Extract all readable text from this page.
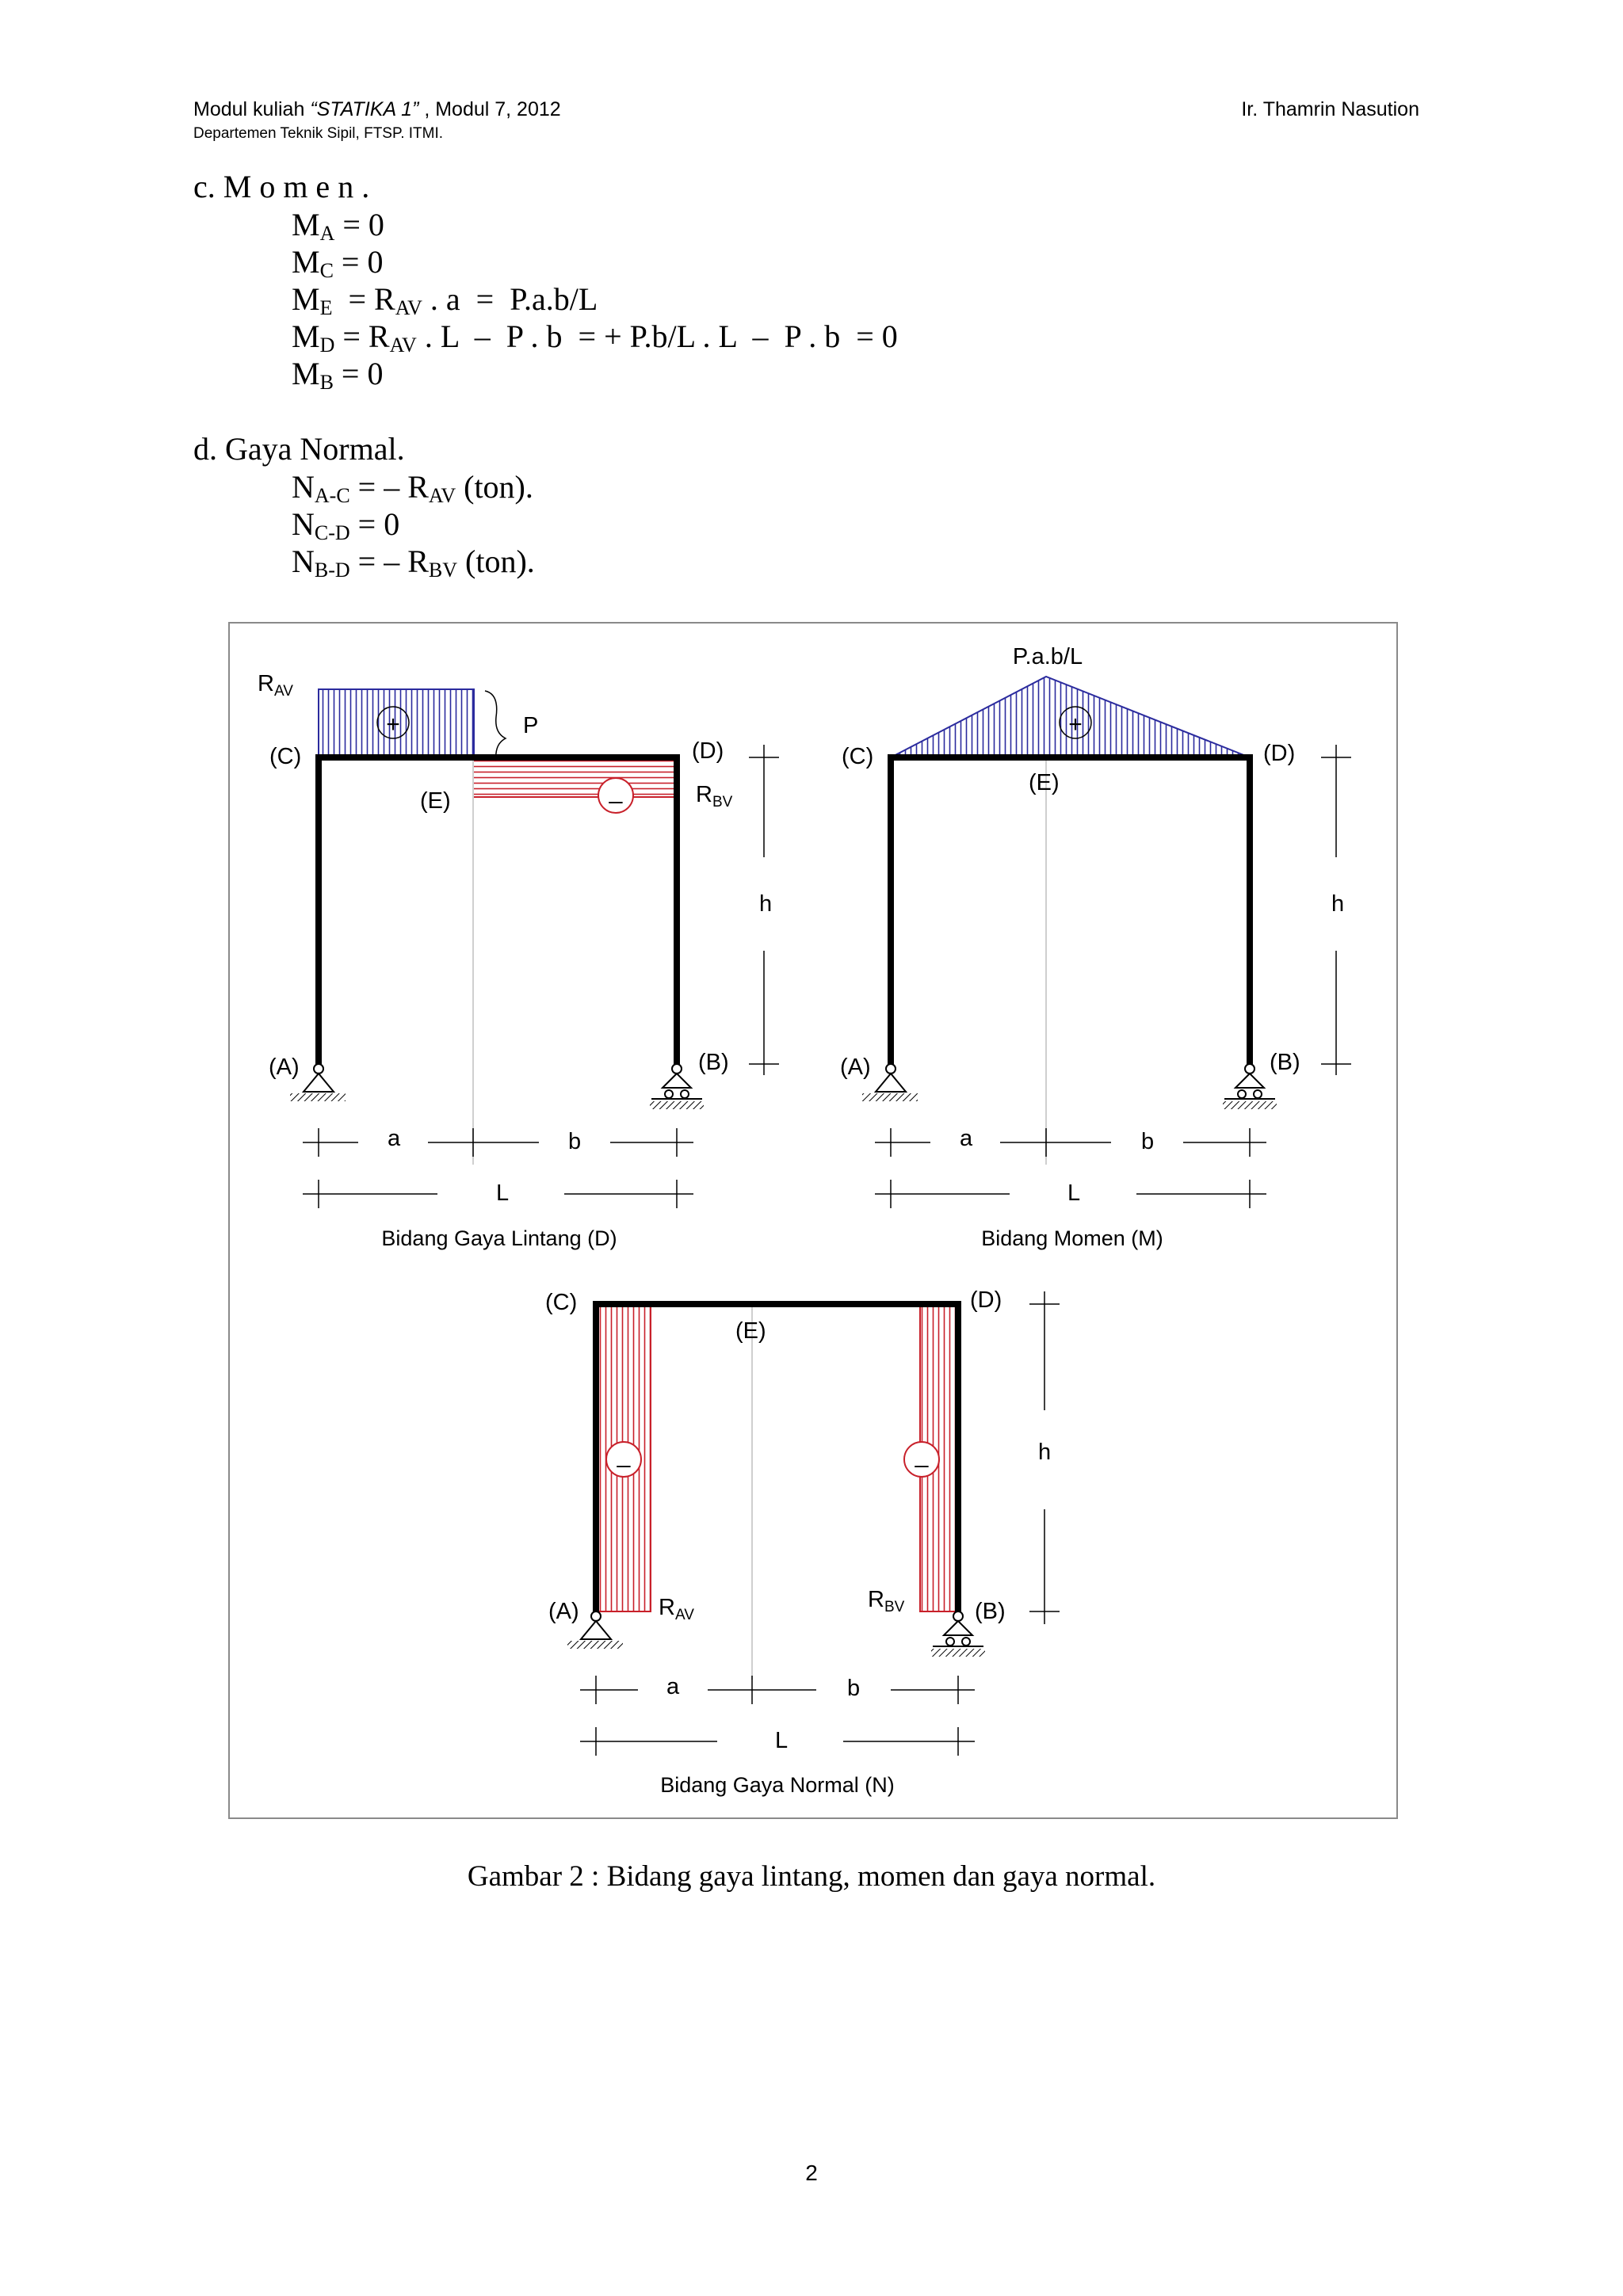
Modul kuliah “STATIKA 1” , Modul 7, 2012
Departemen Teknik Sipil, FTSP. ITMI.
Ir. Thamrin Nasution
c. M o m e n .
$M_A = 0$
$M_C = 0$
$M_E = R_{AV}$ . a  =  P.a.b/L
$M_D = R_{AV}$ . L  –  P . b  = + P.b/L . L  –  P . b  = 0
$M_B = 0$
d. Gaya Normal.
$N_{A-C}$ = – $R_{AV}$ (ton).
$N_{C-D} = 0$
$N_{B-D}$ = – $R_{BV}$ (ton).
+
_
$R_{AV}$
P
(C)	(D)
(E)	$R_{BV}$
(A)	(B)
h
a	b
L
Bidang Gaya Lintang (D)
+
P.a.b/L
(C)	(D)
(E)
(A)	(B)
h
a	b
L
Bidang Momen (M)
_	_
(C)	(D)
(E)
(A)	$R_{AV}$
$R_{BV}$	(B)
h
a	b
L
Bidang Gaya Normal (N)
Gambar 2 : Bidang gaya lintang, momen dan gaya normal.
2
